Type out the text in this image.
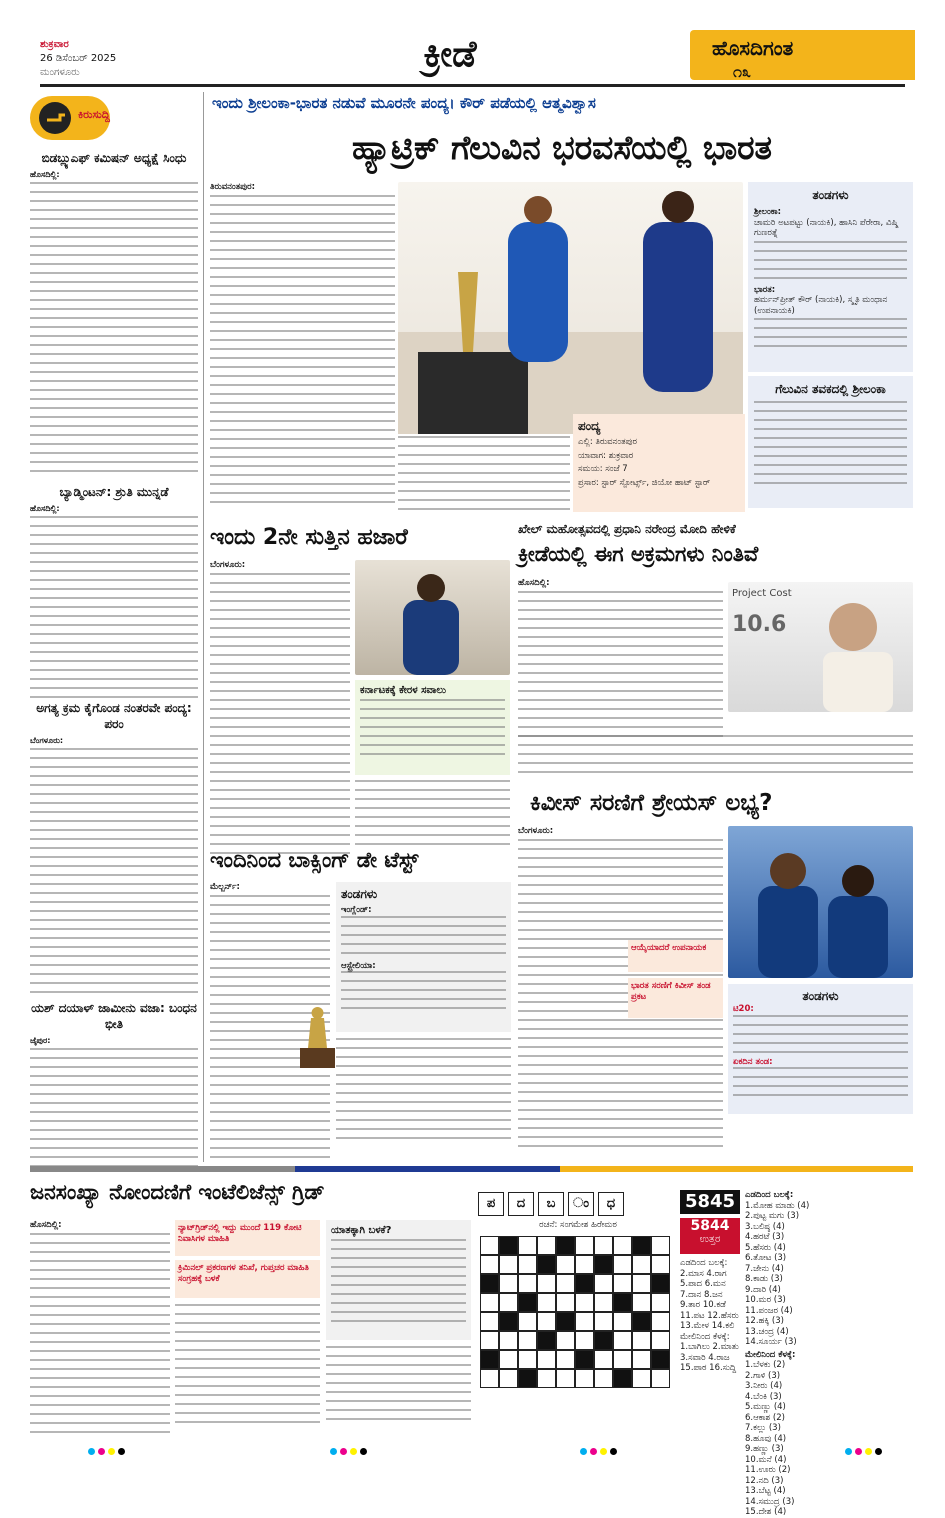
ಶುಕ್ರವಾರ
26 ಡಿಸೆಂಬರ್ 2025
ಮಂಗಳೂರು	ಕ್ರೀಡೆ	ಹೊಸದಿಗಂತ
೧೩
ಕಿರುಸುದ್ದಿ
ಬಿಡಬ್ಲ್ಯುಎಫ್ ಕಮಿಷನ್ ಅಧ್ಯಕ್ಷೆ ಸಿಂಧು
ಹೊಸದಿಲ್ಲಿ:
ಬ್ಯಾಡ್ಮಿಂಟನ್: ಶ್ರುತಿ ಮುನ್ನಡೆ
ಹೊಸದಿಲ್ಲಿ:
ಅಗತ್ಯ ಕ್ರಮ ಕೈಗೊಂಡ ನಂತರವೇ ಪಂದ್ಯ: ಪರಂ
ಬೆಂಗಳೂರು:
ಯಶ್ ದಯಾಳ್ ಜಾಮೀನು ವಜಾ: ಬಂಧನ ಭೀತಿ
ಜೈಪುರ:
ಇಂದು ಶ್ರೀಲಂಕಾ-ಭಾರತ ನಡುವೆ ಮೂರನೇ ಪಂದ್ಯ। ಕೌರ್ ಪಡೆಯಲ್ಲಿ ಆತ್ಮವಿಶ್ವಾಸ
ಹ್ಯಾಟ್ರಿಕ್ ಗೆಲುವಿನ ಭರವಸೆಯಲ್ಲಿ ಭಾರತ
ತಿರುವನಂತಪುರ:
ತಂಡಗಳು
ಶ್ರೀಲಂಕಾ:
ಚಾಮರಿ ಅಟಪಟ್ಟು (ನಾಯಕಿ), ಹಾಸಿನಿ ಪೆರೇರಾ, ವಿಷ್ಮಿ ಗುಣರತ್ನೆ
ಭಾರತ:
ಹರ್ಮನ್‌ಪ್ರೀತ್ ಕೌರ್ (ನಾಯಕಿ), ಸ್ಮೃತಿ ಮಂಧಾನ (ಉಪನಾಯಕಿ)
ಗೆಲುವಿನ ತವಕದಲ್ಲಿ ಶ್ರೀಲಂಕಾ
ಪಂದ್ಯ
ಎಲ್ಲಿ: ತಿರುವನಂತಪುರ
ಯಾವಾಗ: ಶುಕ್ರವಾರ
ಸಮಯ: ಸಂಜೆ 7
ಪ್ರಸಾರ: ಸ್ಟಾರ್ ಸ್ಪೋರ್ಟ್ಸ್, ಜಿಯೋ ಹಾಟ್ ಸ್ಟಾರ್
ಇಂದು 2ನೇ ಸುತ್ತಿನ ಹಜಾರೆ
ಬೆಂಗಳೂರು:
ಕರ್ನಾಟಕಕ್ಕೆ ಕೇರಳ ಸವಾಲು
ಖೇಲ್ ಮಹೋತ್ಸವದಲ್ಲಿ ಪ್ರಧಾನಿ ನರೇಂದ್ರ ಮೋದಿ ಹೇಳಿಕೆ
ಕ್ರೀಡೆಯಲ್ಲಿ ಈಗ ಅಕ್ರಮಗಳು ನಿಂತಿವೆ
ಹೊಸದಿಲ್ಲಿ:
Project Cost
10.6
ಕಿವೀಸ್ ಸರಣಿಗೆ ಶ್ರೇಯಸ್ ಲಭ್ಯ?
ಬೆಂಗಳೂರು:
ಆಯ್ಕೆಯಾದರೆ ಉಪನಾಯಕ
ಭಾರತ ಸರಣಿಗೆ ಕಿವೀಸ್ ತಂಡ ಪ್ರಕಟ	ತಂಡಗಳು
ಟಿ20:
ಏಕದಿನ ತಂಡ:
ಇಂದಿನಿಂದ ಬಾಕ್ಸಿಂಗ್ ಡೇ ಟೆಸ್ಟ್
ಮೆಲ್ಬರ್ನ್:	ತಂಡಗಳು
ಇಂಗ್ಲೆಂಡ್:
ಆಸ್ಟ್ರೇಲಿಯಾ:
ಜನಸಂಖ್ಯಾ ನೋಂದಣಿಗೆ ಇಂಟೆಲಿಜೆನ್ಸ್ ಗ್ರಿಡ್
ಹೊಸದಿಲ್ಲಿ:	ನ್ಯಾಟ್‌ಗ್ರಿಡ್‌ನಲ್ಲಿ ಇದ್ದು ಮುಂದೆ 119 ಕೋಟಿ ನಿವಾಸಿಗಳ ಮಾಹಿತಿ
ಕ್ರಿಮಿನಲ್ ಪ್ರಕರಣಗಳ ತನಿಖೆ, ಗುಪ್ತಚರ ಮಾಹಿತಿ ಸಂಗ್ರಹಕ್ಕೆ ಬಳಕೆ
ಯಾತಕ್ಕಾಗಿ ಬಳಕೆ?
ಪ	ದ	ಬ	ಂ	ಧ
ರಚನೆ: ಸಂಗಮೇಶ ಹಿರೇಮಠ
5845
5844
ಉತ್ತರ
ಎಡದಿಂದ ಬಲಕ್ಕೆ:
2.ಮಾಸ 4.ರಾಗ
5.ಪಾದ 6.ಮನ
7.ದಾನ 8.ಜನ
9.ತಾರ 10.ಕಡೆ
11.ಪಟ 12.ಹೆಸರು
13.ಮೇಳ 14.ಕಲಿ
ಮೇಲಿನಿಂದ ಕೆಳಕ್ಕೆ:
1.ಬಾಗಿಲು 2.ಮಾತು
3.ಸವಾರಿ 4.ರಾಜ
15.ಪಾಠ 16.ಸುದ್ದಿ
ಎಡದಿಂದ ಬಲಕ್ಕೆ:
1.ಮೋಹ ಮಾಡು (4)
2.ಪುಟ್ಟ ಮಗು (3)
3.ಬಲಿಷ್ಠ (4)
4.ಹರಟೆ (3)
5.ಹೆಸರು (4)
6.ತೋಟ (3)
7.ಜೇನು (4)
8.ಕಾಡು (3)
9.ದಾರಿ (4)
10.ಮರ (3)
11.ಪಂಜರ (4)
12.ಹಕ್ಕಿ (3)
13.ಚಂದ್ರ (4)
14.ಸೂರ್ಯ (3)
ಮೇಲಿನಿಂದ ಕೆಳಕ್ಕೆ:
1.ಬೆಳಕು (2)
2.ಗಾಳಿ (3)
3.ನೀರು (4)
4.ಬೆಂಕಿ (3)
5.ಮಣ್ಣು (4)
6.ಆಕಾಶ (2)
7.ಕಲ್ಲು (3)
8.ಹೂವು (4)
9.ಹಣ್ಣು (3)
10.ಮನೆ (4)
11.ಊರು (2)
12.ನದಿ (3)
13.ಬೆಟ್ಟ (4)
14.ಸಮುದ್ರ (3)
15.ದೇಶ (4)
